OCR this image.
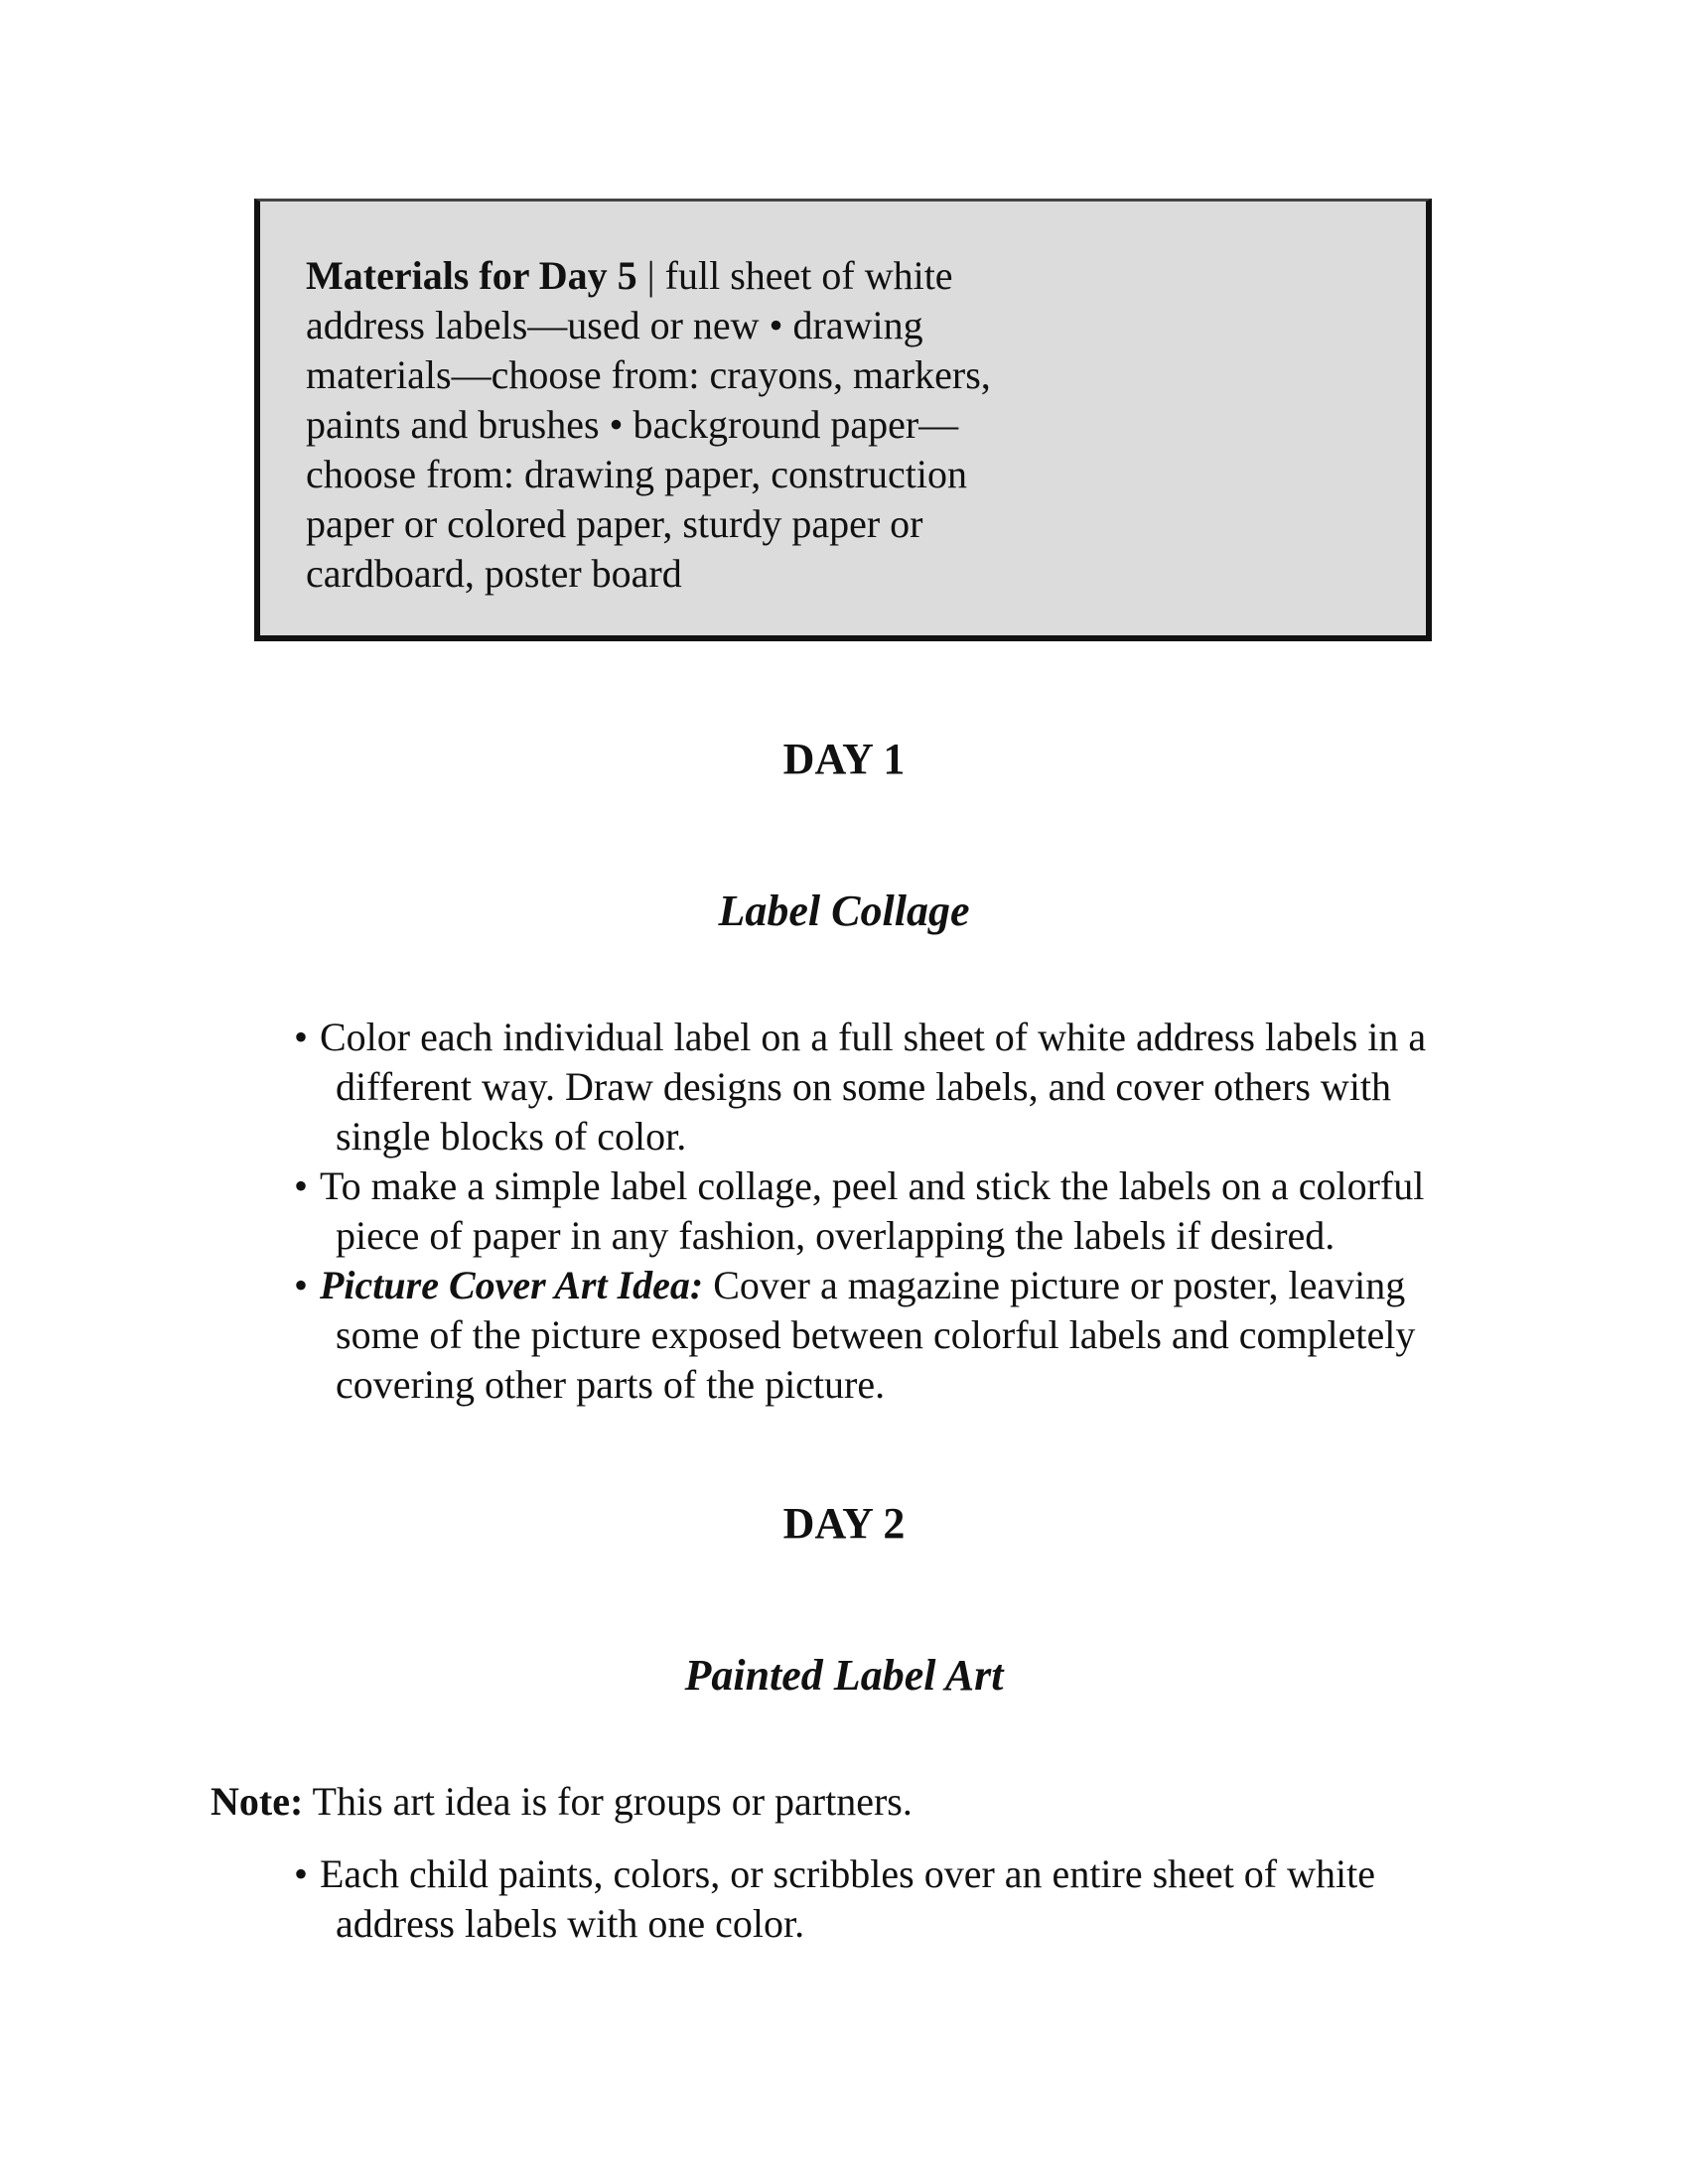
Materials for Day 5 | full sheet of white address labels—used or new • drawing materials—choose from: crayons, markers, paints and brushes • background paper—choose from: drawing paper, construction paper or colored paper, sturdy paper or cardboard, poster board

DAY 1
Label Collage
• Color each individual label on a full sheet of white address labels in a different way. Draw designs on some labels, and cover others with single blocks of color.
• To make a simple label collage, peel and stick the labels on a colorful piece of paper in any fashion, overlapping the labels if desired.
• Picture Cover Art Idea: Cover a magazine picture or poster, leaving some of the picture exposed between colorful labels and completely covering other parts of the picture.
DAY 2
Painted Label Art

Note: This art idea is for groups or partners.

• Each child paints, colors, or scribbles over an entire sheet of white address labels with one color.
